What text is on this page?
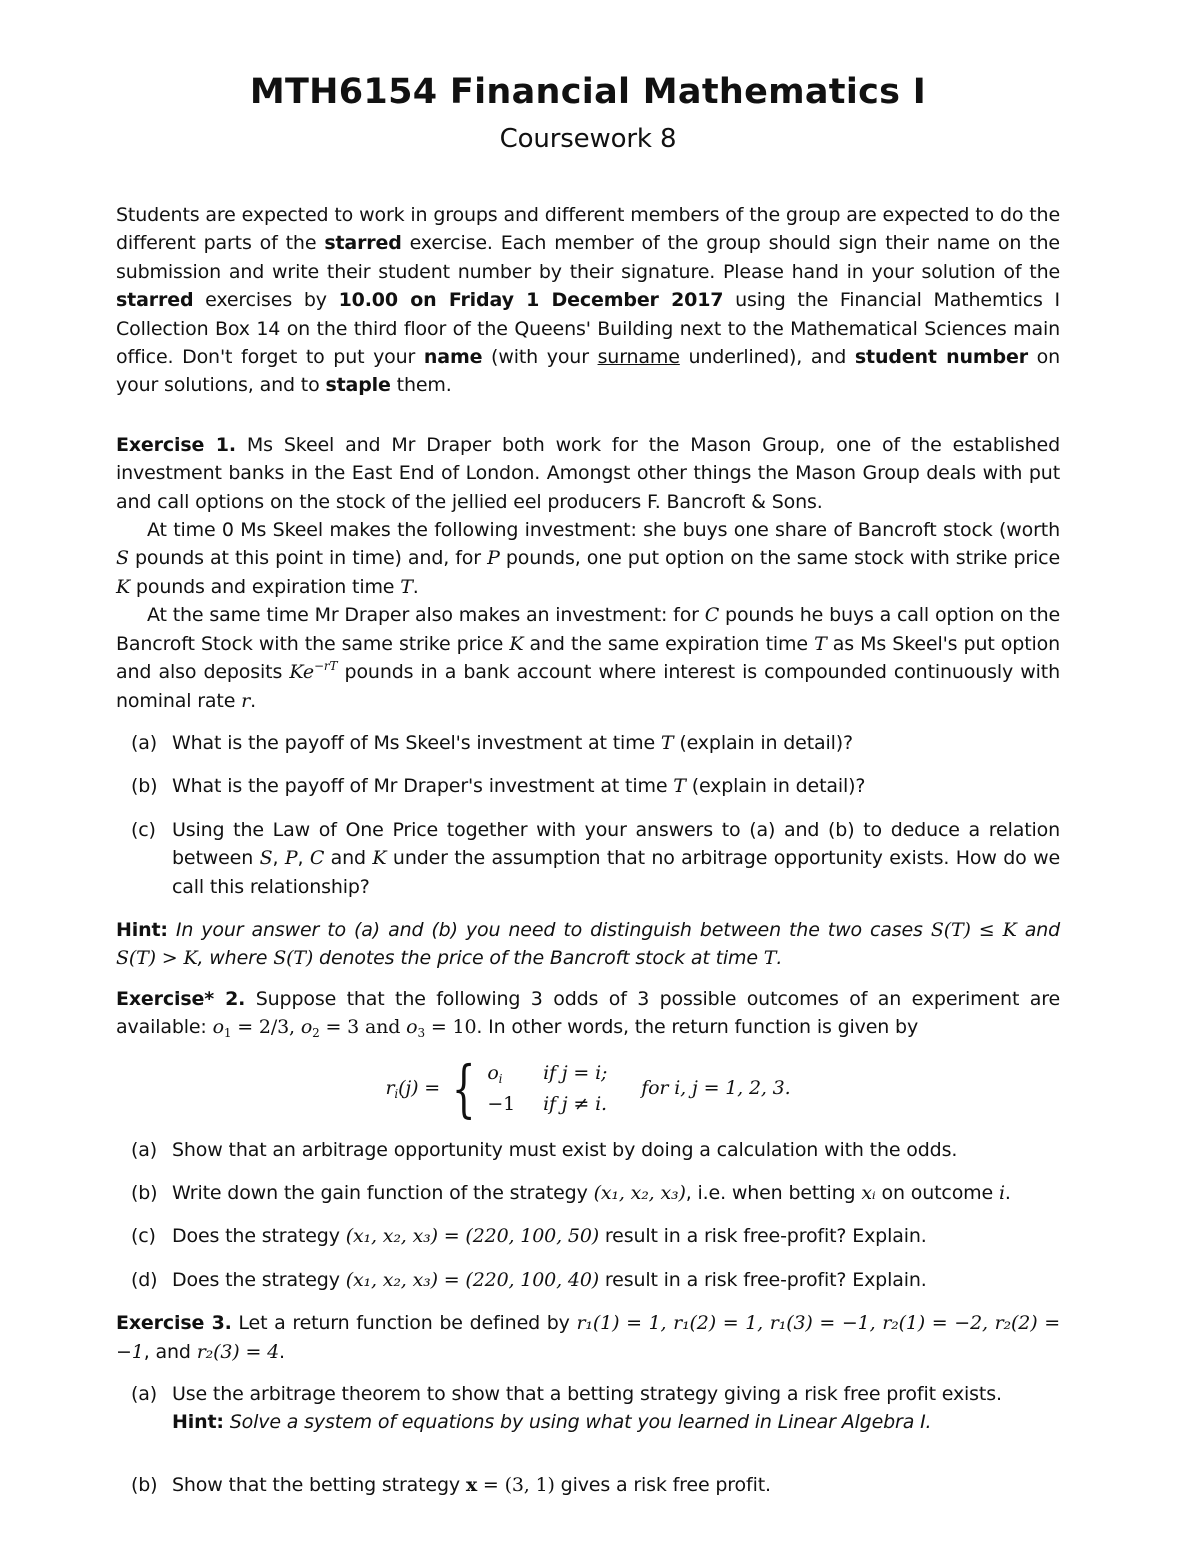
MTH6154 Financial Mathematics I
Coursework 8

Students are expected to work in groups and different members of the group are expected to do the different parts of the starred exercise. Each member of the group should sign their name on the submission and write their student number by their signature. Please hand in your solution of the starred exercises by 10.00 on Friday 1 December 2017 using the Financial Mathemtics I Collection Box 14 on the third floor of the Queens' Building next to the Mathematical Sciences main office. Don't forget to put your name (with your surname underlined), and student number on your solutions, and to staple them.

Exercise 1. Ms Skeel and Mr Draper both work for the Mason Group, one of the established investment banks in the East End of London. Amongst other things the Mason Group deals with put and call options on the stock of the jellied eel producers F. Bancroft & Sons.

At time 0 Ms Skeel makes the following investment: she buys one share of Bancroft stock (worth S pounds at this point in time) and, for P pounds, one put option on the same stock with strike price K pounds and expiration time T.

At the same time Mr Draper also makes an investment: for C pounds he buys a call option on the Bancroft Stock with the same strike price K and the same expiration time T as Ms Skeel's put option and also deposits $Ke^{-rT}$ pounds in a bank account where interest is compounded continuously with nominal rate r.

(a) What is the payoff of Ms Skeel's investment at time T (explain in detail)?
(b) What is the payoff of Mr Draper's investment at time T (explain in detail)?
(c) Using the Law of One Price together with your answers to (a) and (b) to deduce a relation between S, P, C and K under the assumption that no arbitrage opportunity exists. How do we call this relationship?

Hint: In your answer to (a) and (b) you need to distinguish between the two cases S(T) ≤ K and S(T) > K, where S(T) denotes the price of the Bancroft stock at time T.

Exercise* 2. Suppose that the following 3 odds of 3 possible outcomes of an experiment are available: $o_1 = 2/3$, $o_2 = 3$ and $o_3 = 10$. In other words, the return function is given by

$r_i(j)$ = { $o_i$	if j = i;
−1 if j ≠ i.
for i, j = 1, 2, 3.
(a) Show that an arbitrage opportunity must exist by doing a calculation with the odds.
(b) Write down the gain function of the strategy (x₁, x₂, x₃), i.e. when betting xᵢ on outcome i.
(c) Does the strategy (x₁, x₂, x₃) = (220, 100, 50) result in a risk free-profit? Explain.
(d) Does the strategy (x₁, x₂, x₃) = (220, 100, 40) result in a risk free-profit? Explain.

Exercise 3. Let a return function be defined by r₁(1) = 1, r₁(2) = 1, r₁(3) = −1, r₂(1) = −2, r₂(2) = −1, and r₂(3) = 4.

(a) Use the arbitrage theorem to show that a betting strategy giving a risk free profit exists.
Hint: Solve a system of equations by using what you learned in Linear Algebra I.
(b) Show that the betting strategy x = (3, 1) gives a risk free profit.
